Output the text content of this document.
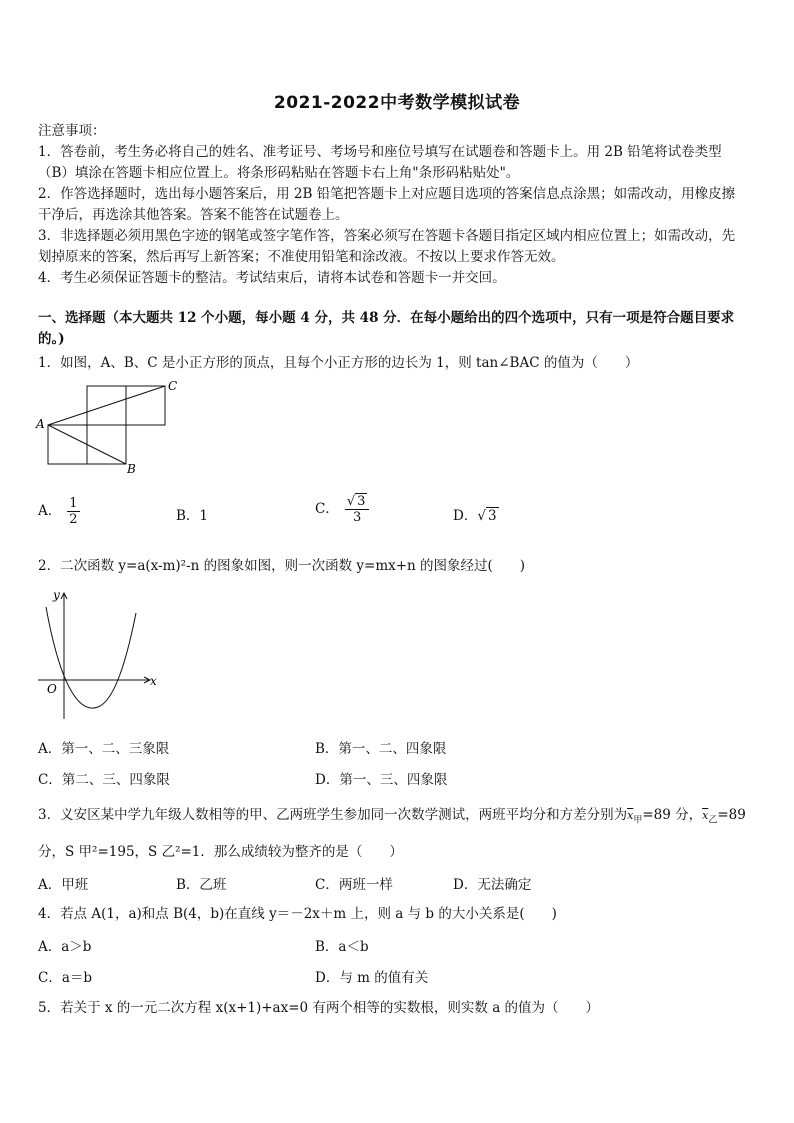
2021-2022中考数学模拟试卷
注意事项：
1．答卷前，考生务必将自己的姓名、准考证号、考场号和座位号填写在试题卷和答题卡上。用 2B 铅笔将试卷类型
（B）填涂在答题卡相应位置上。将条形码粘贴在答题卡右上角"条形码粘贴处"。
2．作答选择题时，选出每小题答案后，用 2B 铅笔把答题卡上对应题目选项的答案信息点涂黑；如需改动，用橡皮擦
干净后，再选涂其他答案。答案不能答在试题卷上。
3．非选择题必须用黑色字迹的钢笔或签字笔作答，答案必须写在答题卡各题目指定区域内相应位置上；如需改动，先
划掉原来的答案，然后再写上新答案；不准使用铅笔和涂改液。不按以上要求作答无效。
4．考生必须保证答题卡的整洁。考试结束后，请将本试卷和答题卡一并交回。
一、选择题（本大题共 12 个小题，每小题 4 分，共 48 分．在每小题给出的四个选项中，只有一项是符合题目要求
的。)
1．如图，A、B、C 是小正方形的顶点，且每个小正方形的边长为 1，则 tan∠BAC 的值为（　　）
A
B
C
A． $\frac{1}{2}$	B．1	C． $\frac{√ 3}{3}$	D．√ 3
2．二次函数 y=a(x-m)²-n 的图象如图，则一次函数 y=mx+n 的图象经过(　　)
y
x
O
A．第一、二、三象限	B．第一、二、四象限
C．第二、三、四象限	D．第一、三、四象限
3．义安区某中学九年级人数相等的甲、乙两班学生参加同一次数学测试，两班平均分和方差分别为$\overline{x}_甲=89$ 分，$\overline{x}_乙=89$
分，S 甲²=195，S 乙²=1．那么成绩较为整齐的是（　　）
A．甲班	B．乙班	C．两班一样	D．无法确定
4．若点 A(1，a)和点 B(4，b)在直线 y＝－2x＋m 上，则 a 与 b 的大小关系是(　　)
A．a＞b	B．a＜b
C．a＝b	D．与 m 的值有关
5．若关于 x 的一元二次方程 x(x+1)+ax=0 有两个相等的实数根，则实数 a 的值为（　　）
